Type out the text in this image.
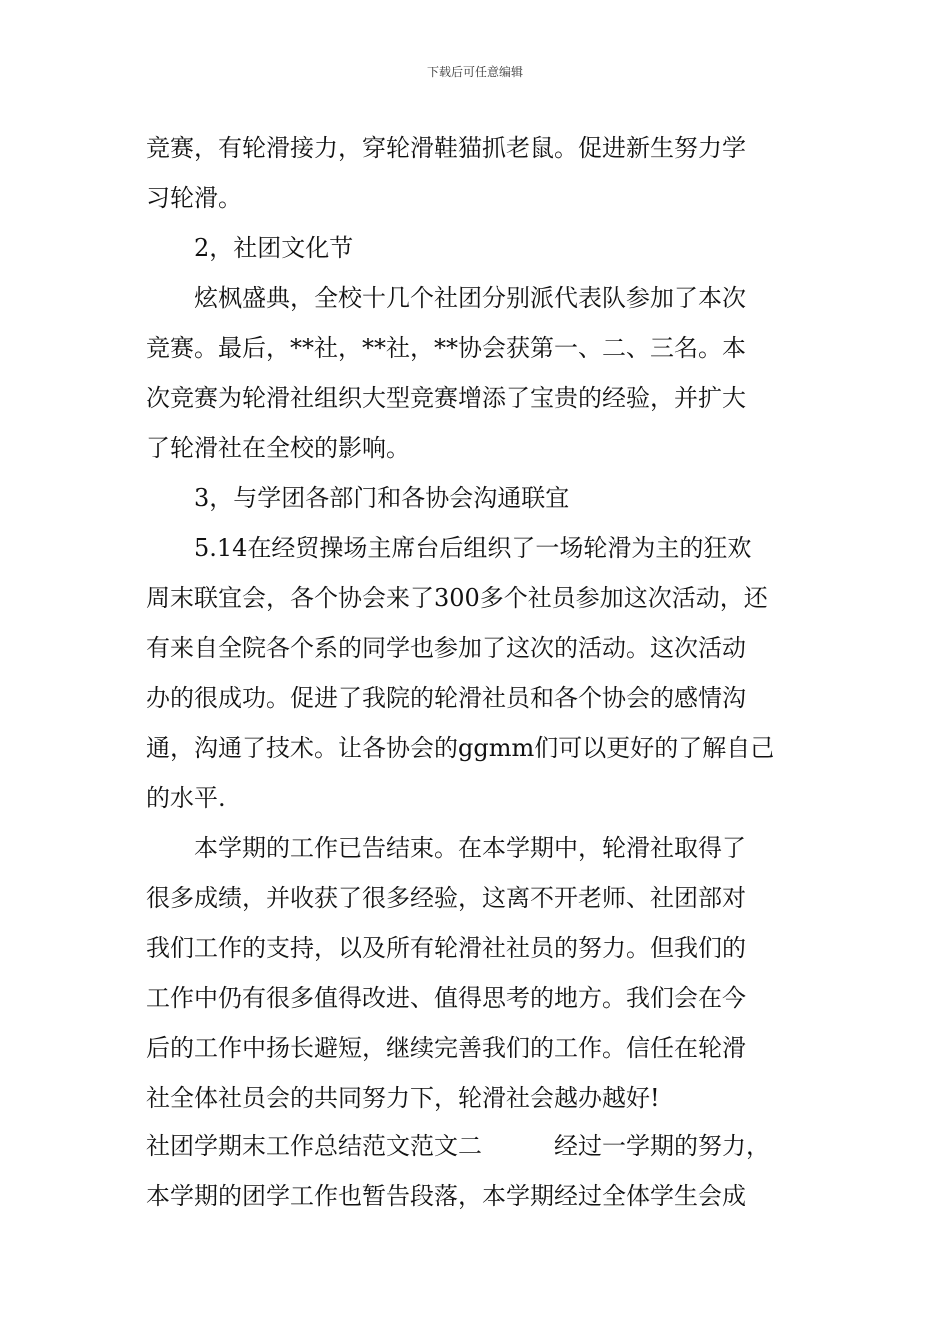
下载后可任意编辑
竞赛，有轮滑接力，穿轮滑鞋猫抓老鼠。促进新生努力学
习轮滑。
2，社团文化节
炫枫盛典，全校十几个社团分别派代表队参加了本次
竞赛。最后，**社，**社，**协会获第一、二、三名。本
次竞赛为轮滑社组织大型竞赛增添了宝贵的经验，并扩大
了轮滑社在全校的影响。
3，与学团各部门和各协会沟通联宜
5.14在经贸操场主席台后组织了一场轮滑为主的狂欢
周末联宜会，各个协会来了300多个社员参加这次活动，还
有来自全院各个系的同学也参加了这次的活动。这次活动
办的很成功。促进了我院的轮滑社员和各个协会的感情沟
通，沟通了技术。让各协会的ggmm们可以更好的了解自己
的水平.
本学期的工作已告结束。在本学期中，轮滑社取得了
很多成绩，并收获了很多经验，这离不开老师、社团部对
我们工作的支持，以及所有轮滑社社员的努力。但我们的
工作中仍有很多值得改进、值得思考的地方。我们会在今
后的工作中扬长避短，继续完善我们的工作。信任在轮滑
社全体社员会的共同努力下，轮滑社会越办越好!
社团学期末工作总结范文范文二　　　经过一学期的努力，
本学期的团学工作也暂告段落，本学期经过全体学生会成
